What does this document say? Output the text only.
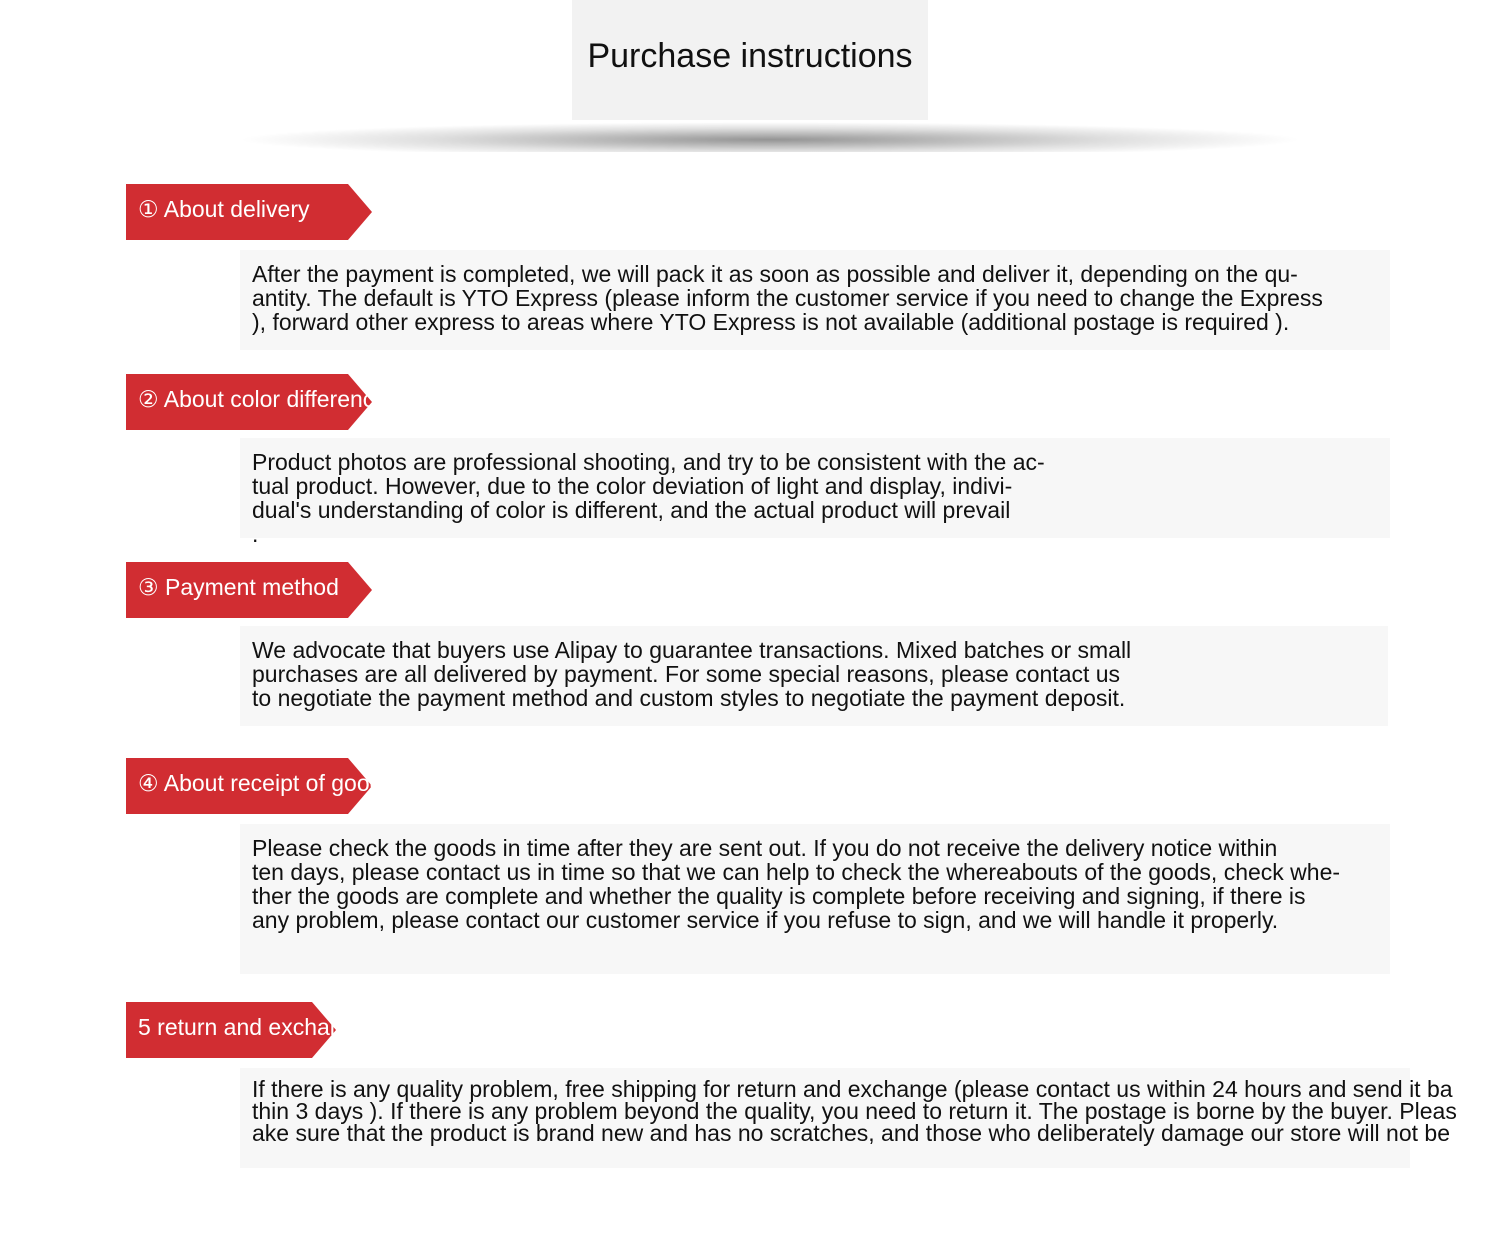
Purchase instructions
① About delivery

After the payment is completed, we will pack it as soon as possible and deliver it, depending on the qu-

antity. The default is YTO Express (please inform the customer service if you need to change the Express

), forward other express to areas where YTO Express is not available (additional postage is required ).

② About color difference

Product photos are professional shooting, and try to be consistent with the ac-

tual product. However, due to the color deviation of light and display, indivi-

dual's understanding of color is different, and the actual product will prevail

.

③ Payment method

We advocate that buyers use Alipay to guarantee transactions. Mixed batches or small

purchases are all delivered by payment. For some special reasons, please contact us

to negotiate the payment method and custom styles to negotiate the payment deposit.

④ About receipt of goods

Please check the goods in time after they are sent out. If you do not receive the delivery notice within

ten days, please contact us in time so that we can help to check the whereabouts of the goods, check whe-

ther the goods are complete and whether the quality is complete before receiving and signing, if there is

any problem, please contact our customer service if you refuse to sign, and we will handle it properly.

5 return and exchange

If there is any quality problem, free shipping for return and exchange (please contact us within 24 hours and send it ba

thin 3 days ). If there is any problem beyond the quality, you need to return it. The postage is borne by the buyer. Pleas

ake sure that the product is brand new and has no scratches, and those who deliberately damage our store will not be
